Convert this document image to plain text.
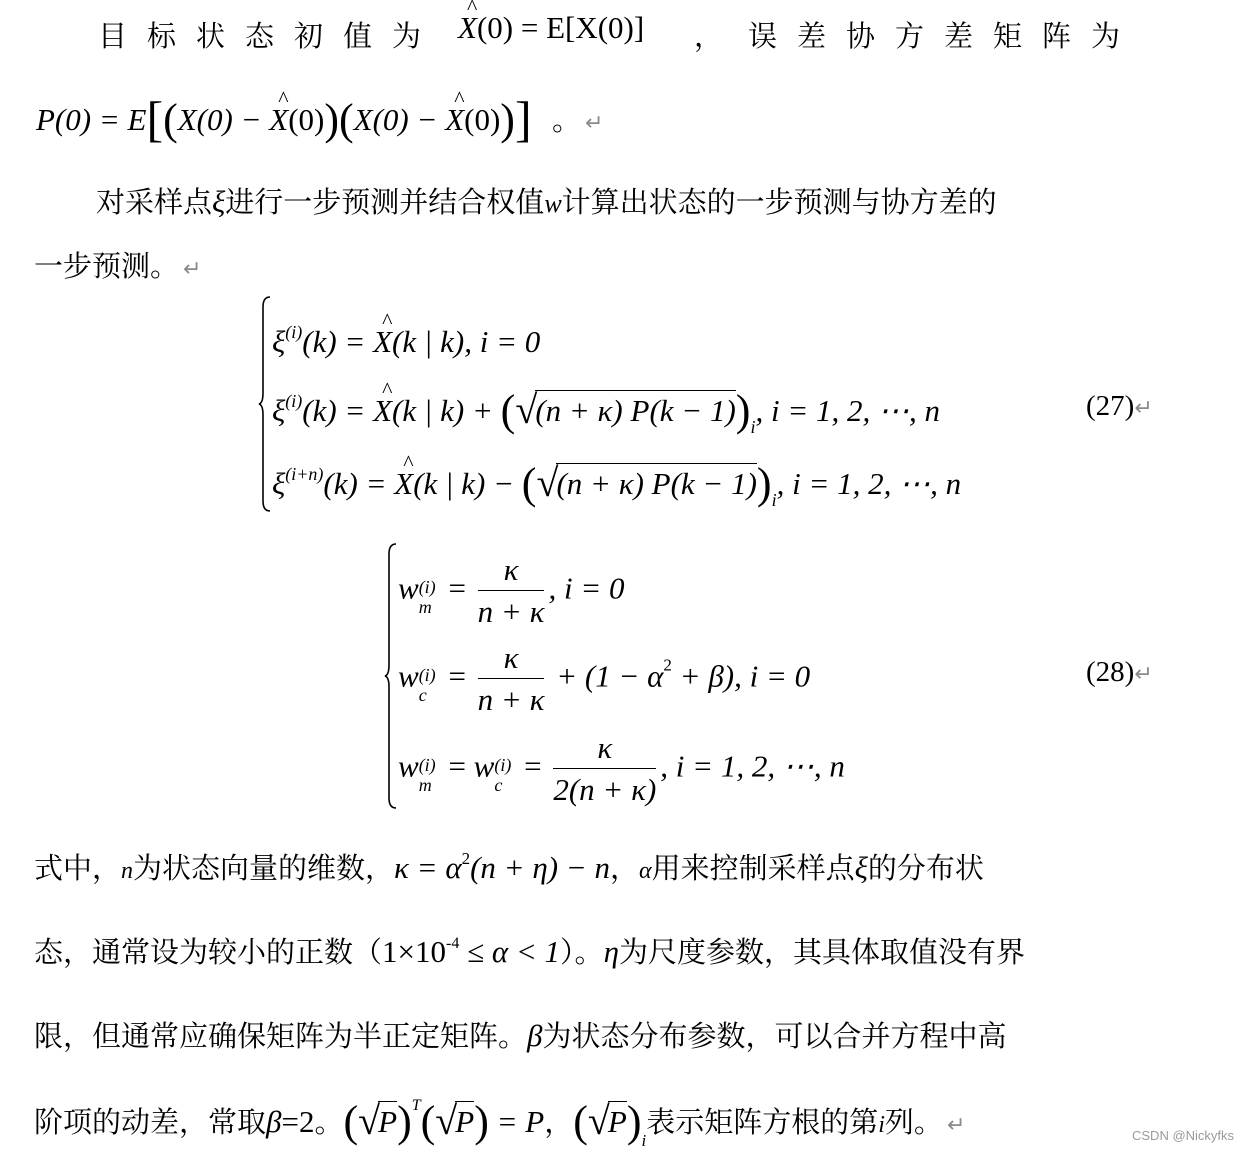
目标状态初值为 ^ X(0) = E[X(0)] ， 误差协方差矩阵为
P(0) = E[(X(0) − ^ X(0))(X(0) − ^ X(0))] 。 ↵
对采样点ξ进行一步预测并结合权值w计算出状态的一步预测与协方差的
一步预测。 ↵
$\xi^{(i)}(k)$ = ^ X(k | k), i = 0
$\xi^{(i)}(k)$ = ^ X(k | k) + ( √ (n + κ) $P(k - 1))_i$, i = 1, 2, ⋯, n
$\xi^{(i+n)}(k)$ = ^ X(k | k) − ( √ (n + κ) $P(k - 1))_i$, i = 1, 2, ⋯, n
(27)↵
w (i)
m
= $\frac{\kappa}{n + \kappa}$ , i = 0
w (i)
c
= $\frac{\kappa}{n + \kappa} + (1 - \alpha^2 + \beta)$, i = 0
w (i)
m
= w (i)
c
= $\frac{\kappa}{2(n + \kappa)}$ , i = 1, 2, ⋯, n
(28)↵
式中，n为状态向量的维数，$\kappa = \alpha^2(n + \eta) - n$，α用来控制采样点ξ的分布状
态，通常设为较小的正数$(1\times 10^{-4} \le \alpha < 1)$。η为尺度参数，其具体取值没有界
限，但通常应确保矩阵为半正定矩阵。β为状态分布参数，可以合并方程中高
阶项的动差，常取β=2。( √ P)$^T$( √ P) = P，( √ $P)_i$表示矩阵方根的第i列。 ↵	CSDN @Nickyfks
